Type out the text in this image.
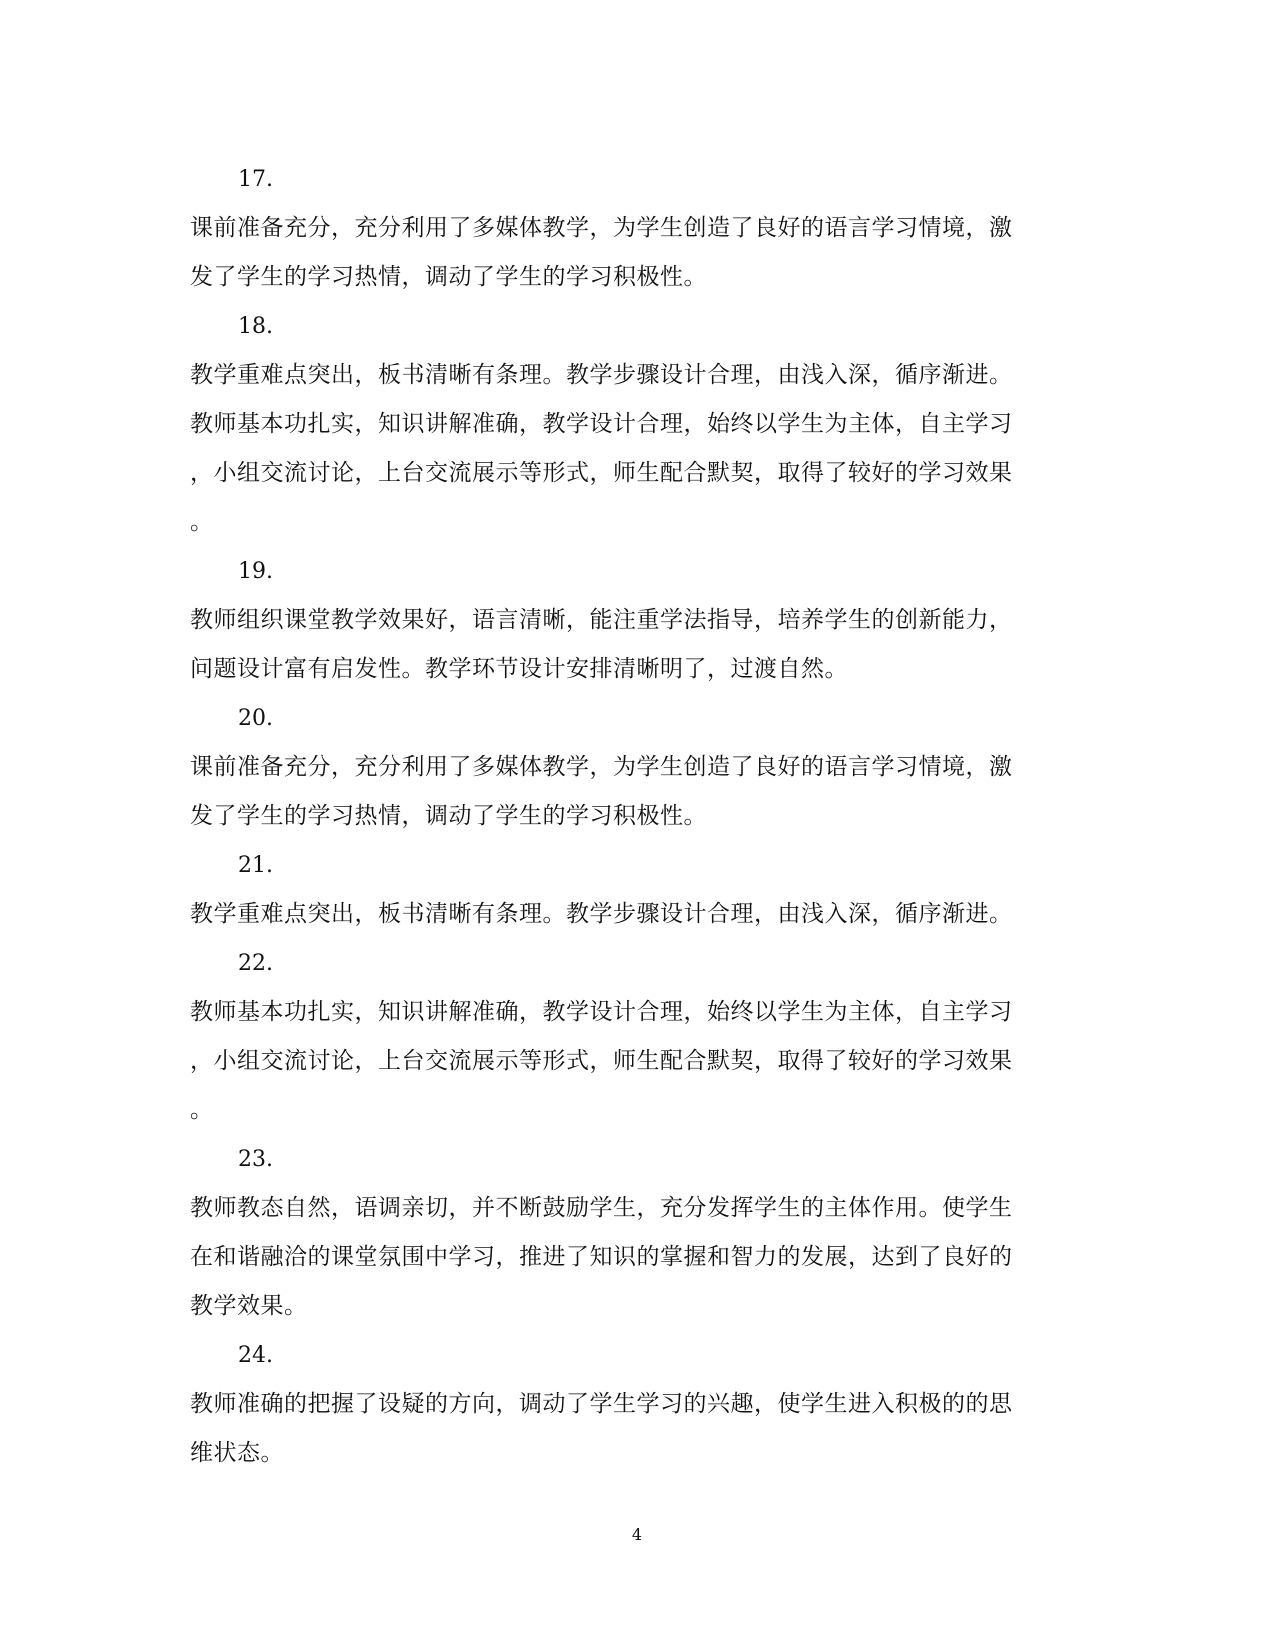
17.
课前准备充分，充分利用了多媒体教学，为学生创造了良好的语言学习情境，激
发了学生的学习热情，调动了学生的学习积极性。
18.
教学重难点突出，板书清晰有条理。教学步骤设计合理，由浅入深，循序渐进。
教师基本功扎实，知识讲解准确，教学设计合理，始终以学生为主体，自主学习
，小组交流讨论，上台交流展示等形式，师生配合默契，取得了较好的学习效果
。
19.
教师组织课堂教学效果好，语言清晰，能注重学法指导，培养学生的创新能力，
问题设计富有启发性。教学环节设计安排清晰明了，过渡自然。
20.
课前准备充分，充分利用了多媒体教学，为学生创造了良好的语言学习情境，激
发了学生的学习热情，调动了学生的学习积极性。
21.
教学重难点突出，板书清晰有条理。教学步骤设计合理，由浅入深，循序渐进。
22.
教师基本功扎实，知识讲解准确，教学设计合理，始终以学生为主体，自主学习
，小组交流讨论，上台交流展示等形式，师生配合默契，取得了较好的学习效果
。
23.
教师教态自然，语调亲切，并不断鼓励学生，充分发挥学生的主体作用。使学生
在和谐融洽的课堂氛围中学习，推进了知识的掌握和智力的发展，达到了良好的
教学效果。
24.
教师准确的把握了设疑的方向，调动了学生学习的兴趣，使学生进入积极的的思
维状态。
4
